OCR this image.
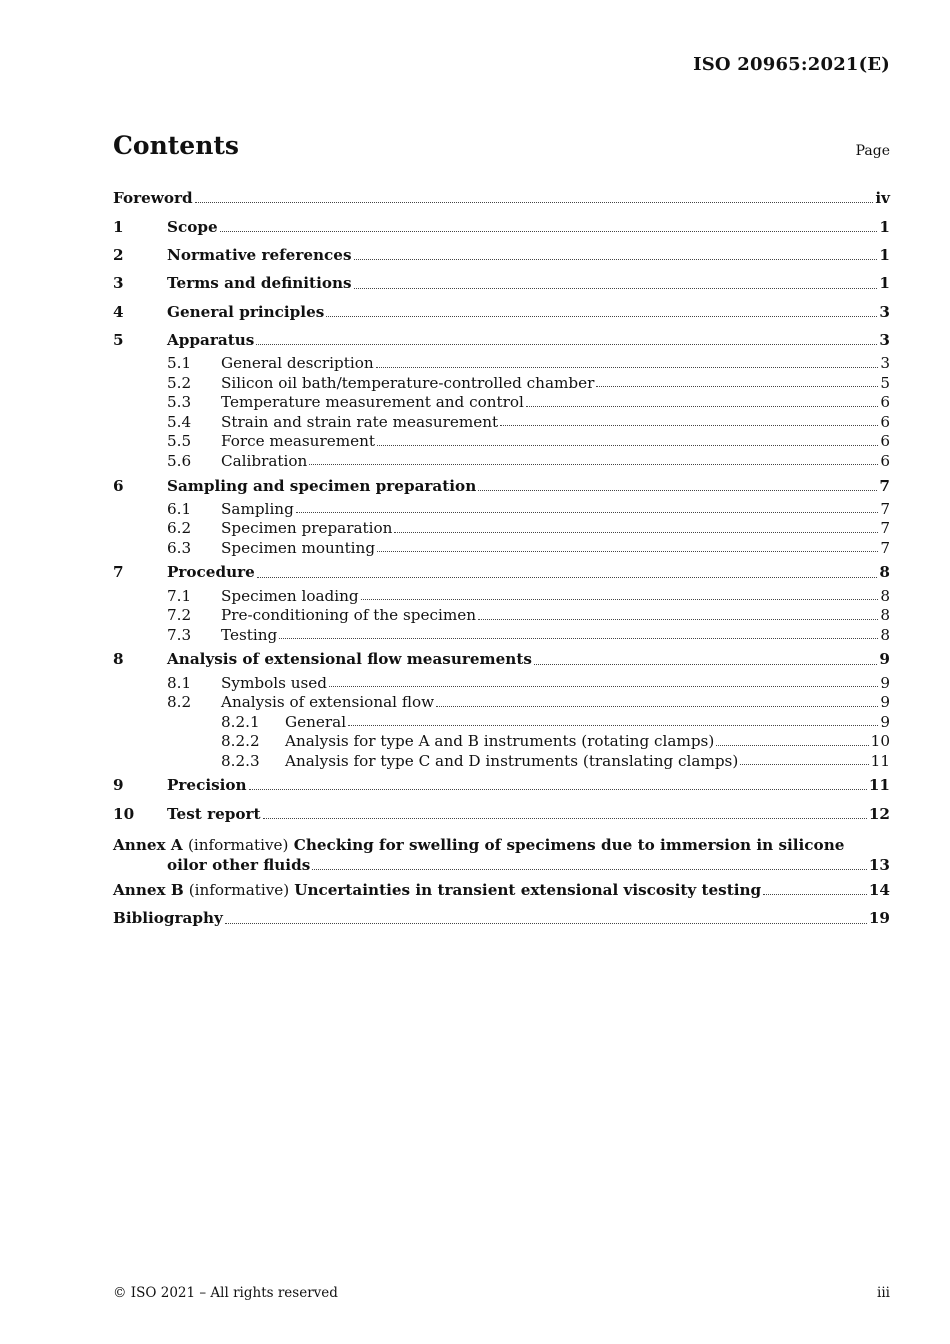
ISO 20965:2021(E)
Contents	Page
Foreword	iv
1	Scope	1
2	Normative references	1
3	Terms and definitions	1
4	General principles	3
5	Apparatus	3
5.1	General description	3
5.2	Silicon oil bath/temperature-controlled chamber	5
5.3	Temperature measurement and control	6
5.4	Strain and strain rate measurement	6
5.5	Force measurement	6
5.6	Calibration	6
6	Sampling and specimen preparation	7
6.1	Sampling	7
6.2	Specimen preparation	7
6.3	Specimen mounting	7
7	Procedure	8
7.1	Specimen loading	8
7.2	Pre-conditioning of the specimen	8
7.3	Testing	8
8	Analysis of extensional flow measurements	9
8.1	Symbols used	9
8.2	Analysis of extensional flow	9
8.2.1	General	9
8.2.2	Analysis for type A and B instruments (rotating clamps)	10
8.2.3	Analysis for type C and D instruments (translating clamps)	11
9	Precision	11
10	Test report	12
Annex A (informative) Checking for swelling of specimens due to immersion in silicone
oilor other fluids	13
Annex B (informative) Uncertainties in transient extensional viscosity testing	14
Bibliography	19
© ISO 2021 – All rights reserved	iii
